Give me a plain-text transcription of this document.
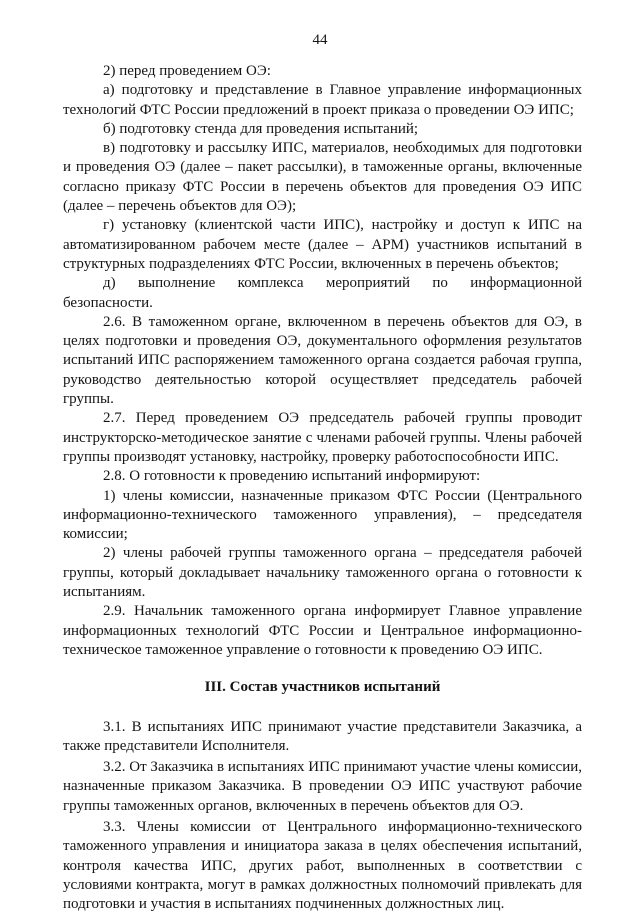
44

2) перед проведением ОЭ:

а) подготовку и представление в Главное управление информационных технологий ФТС России предложений в проект приказа о проведении ОЭ ИПС;

б) подготовку стенда для проведения испытаний;

в) подготовку и рассылку ИПС, материалов, необходимых для подготовки и проведения ОЭ (далее – пакет рассылки), в таможенные органы, включенные согласно приказу ФТС России в перечень объектов для проведения ОЭ ИПС (далее – перечень объектов для ОЭ);

г) установку (клиентской части ИПС), настройку и доступ к ИПС на автоматизированном рабочем месте (далее – АРМ) участников испытаний в структурных подразделениях ФТС России, включенных в перечень объектов;

д) выполнение комплекса мероприятий по информационной безопасности.

2.6. В таможенном органе, включенном в перечень объектов для ОЭ, в целях подготовки и проведения ОЭ, документального оформления результатов испытаний ИПС распоряжением таможенного органа создается рабочая группа, руководство деятельностью которой осуществляет председатель рабочей группы.

2.7. Перед проведением ОЭ председатель рабочей группы проводит инструкторско-методическое занятие с членами рабочей группы. Члены рабочей группы производят установку, настройку, проверку работоспособности ИПС.

2.8. О готовности к проведению испытаний информируют:

1) члены комиссии, назначенные приказом ФТС России (Центрального информационно-технического таможенного управления), – председателя комиссии;

2) члены рабочей группы таможенного органа – председателя рабочей группы, который докладывает начальнику таможенного органа о готовности к испытаниям.

2.9. Начальник таможенного органа информирует Главное управление информационных технологий ФТС России и Центральное информационно-техническое таможенное управление о готовности к проведению ОЭ ИПС.

III. Состав участников испытаний

3.1. В испытаниях ИПС принимают участие представители Заказчика, а также представители Исполнителя.

3.2. От Заказчика в испытаниях ИПС принимают участие члены комиссии, назначенные приказом Заказчика. В проведении ОЭ ИПС участвуют рабочие группы таможенных органов, включенных в перечень объектов для ОЭ.

3.3. Члены комиссии от Центрального информационно-технического таможенного управления и инициатора заказа в целях обеспечения испытаний, контроля качества ИПС, других работ, выполненных в соответствии с условиями контракта, могут в рамках должностных полномочий привлекать для подготовки и участия в испытаниях подчиненных должностных лиц.
